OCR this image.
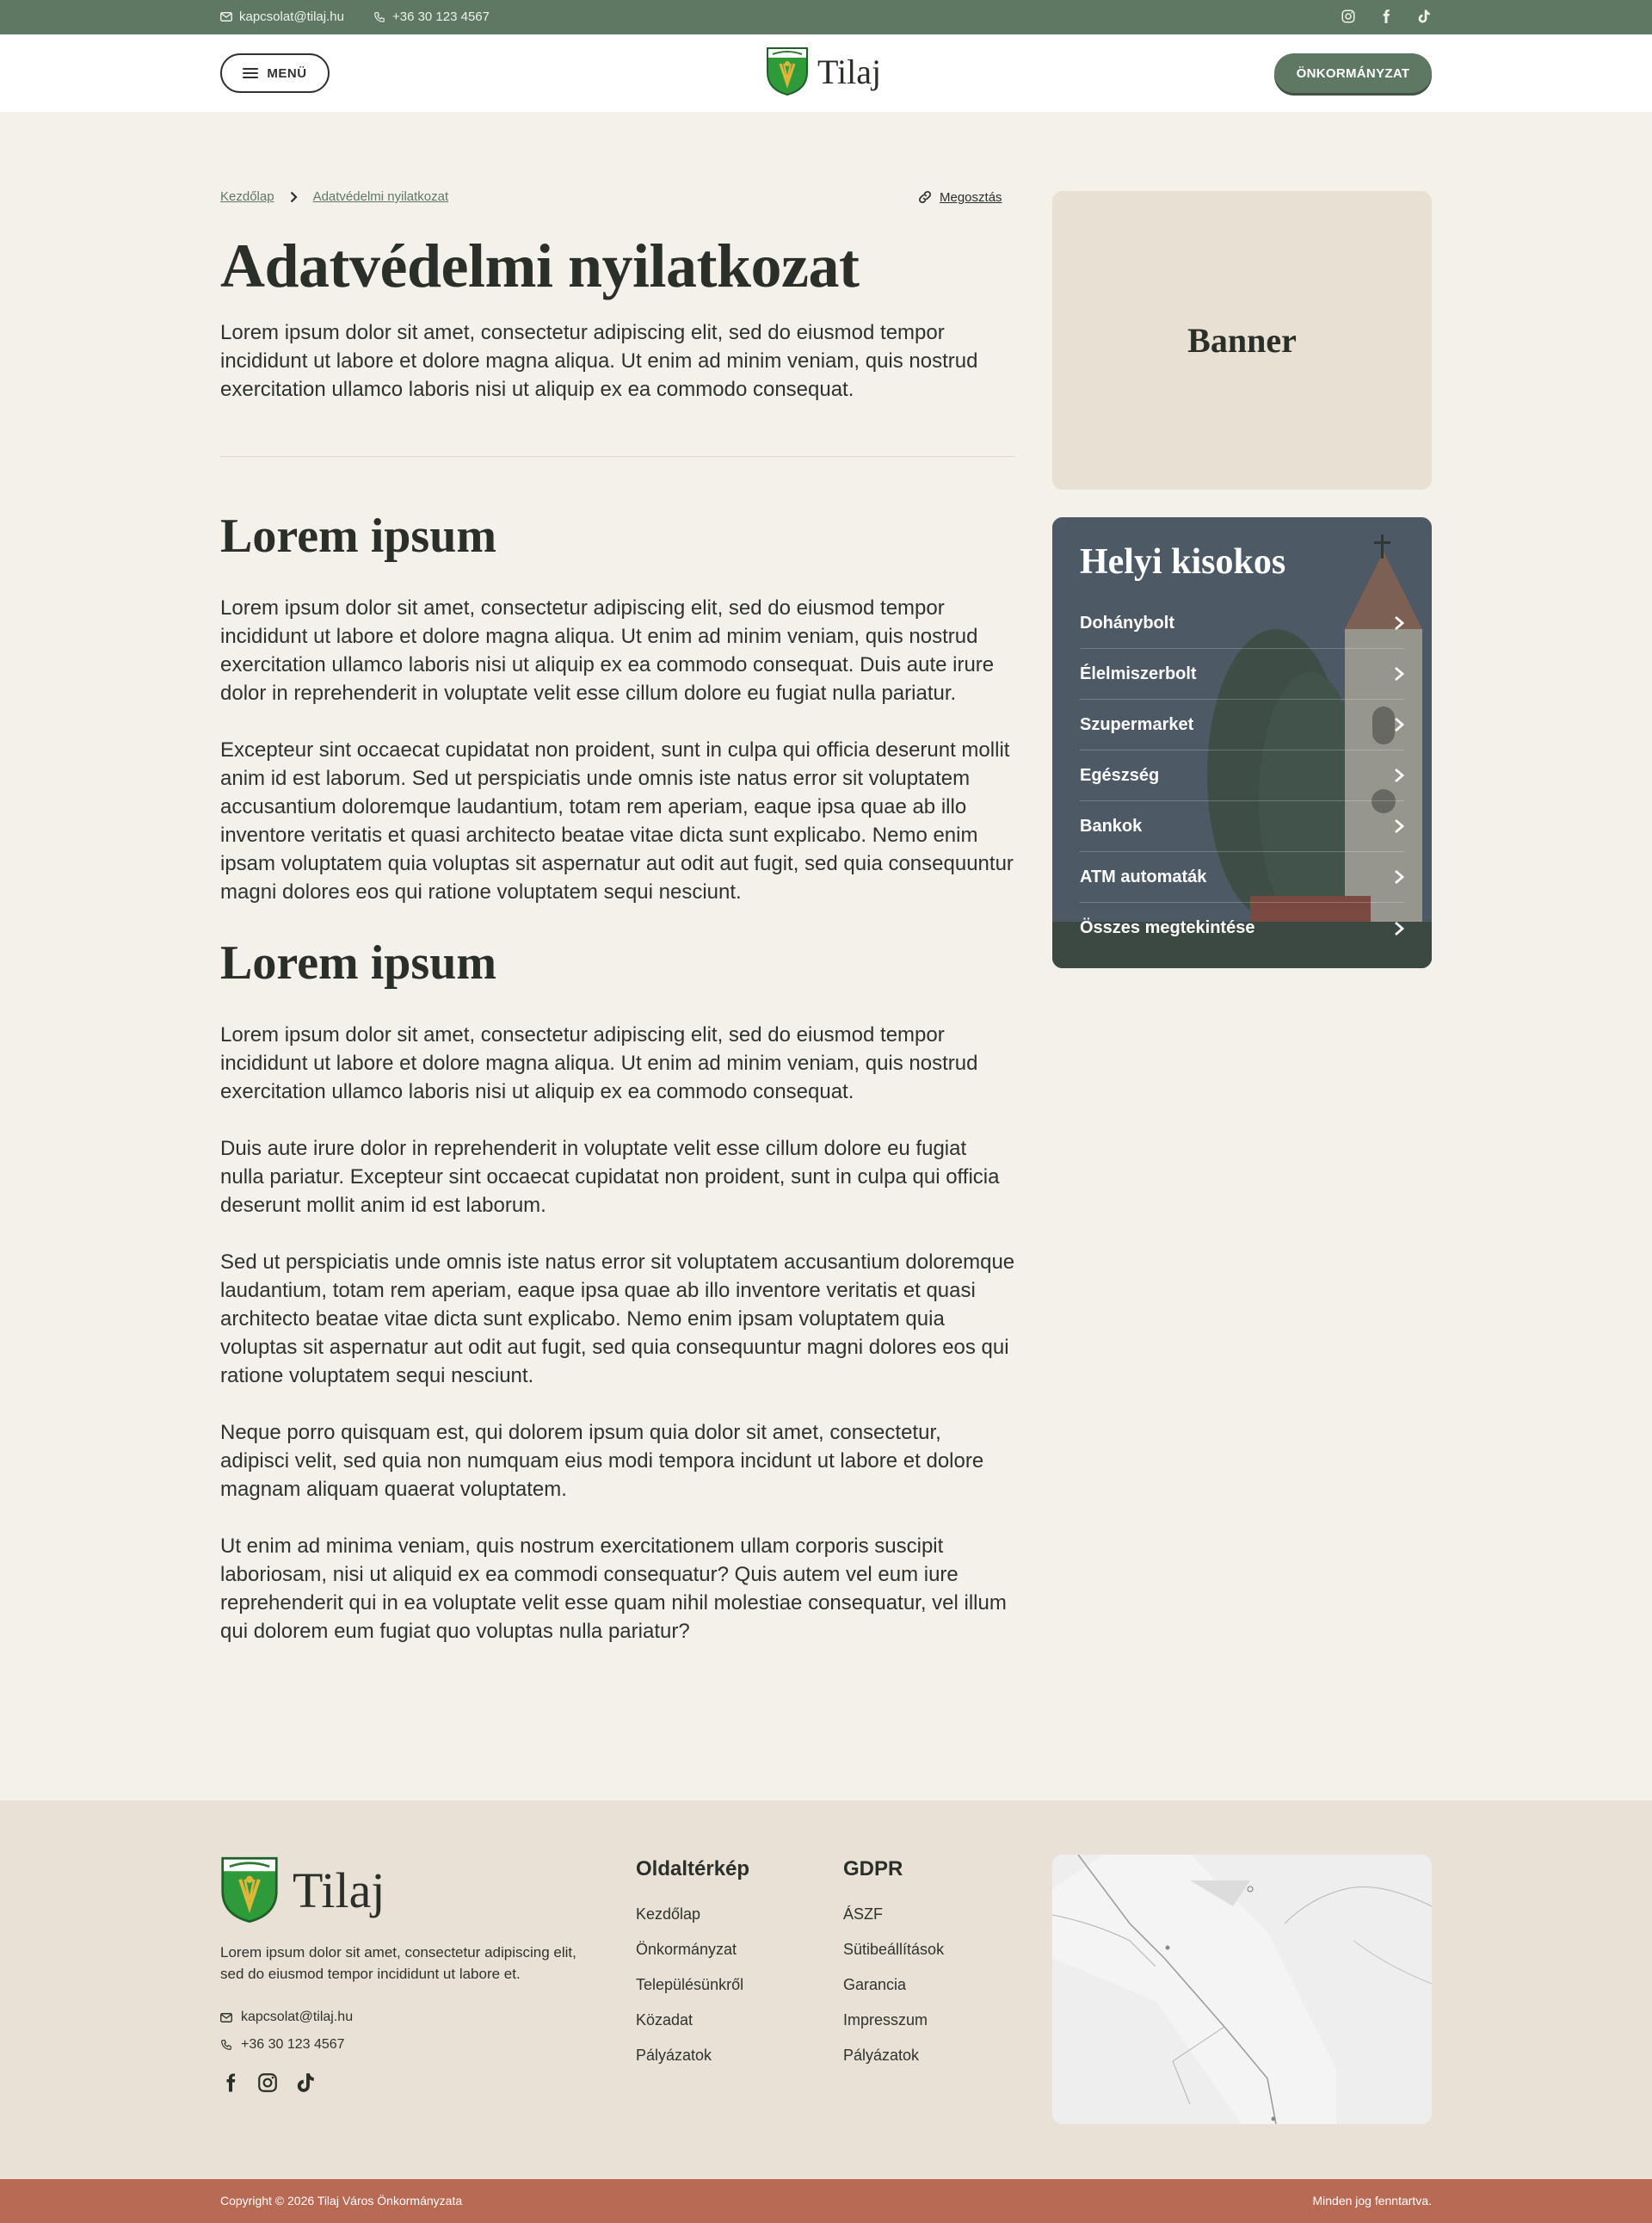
kapcsolat@tilaj.hu	+36 30 123 4567
MENÜ	Tilaj	ÖNKORMÁNYZAT
Kezdőlap	Adatvédelmi nyilatkozat	Megosztás
Adatvédelmi nyilatkozat

Lorem ipsum dolor sit amet, consectetur adipiscing elit, sed do eiusmod tempor incididunt ut labore et dolore magna aliqua. Ut enim ad minim veniam, quis nostrud exercitation ullamco laboris nisi ut aliquip ex ea commodo consequat.

Lorem ipsum

Lorem ipsum dolor sit amet, consectetur adipiscing elit, sed do eiusmod tempor incididunt ut labore et dolore magna aliqua. Ut enim ad minim veniam, quis nostrud exercitation ullamco laboris nisi ut aliquip ex ea commodo consequat. Duis aute irure dolor in reprehenderit in voluptate velit esse cillum dolore eu fugiat nulla pariatur.

Excepteur sint occaecat cupidatat non proident, sunt in culpa qui officia deserunt mollit anim id est laborum. Sed ut perspiciatis unde omnis iste natus error sit voluptatem accusantium doloremque laudantium, totam rem aperiam, eaque ipsa quae ab illo inventore veritatis et quasi architecto beatae vitae dicta sunt explicabo. Nemo enim ipsam voluptatem quia voluptas sit aspernatur aut odit aut fugit, sed quia consequuntur magni dolores eos qui ratione voluptatem sequi nesciunt.

Lorem ipsum

Lorem ipsum dolor sit amet, consectetur adipiscing elit, sed do eiusmod tempor incididunt ut labore et dolore magna aliqua. Ut enim ad minim veniam, quis nostrud exercitation ullamco laboris nisi ut aliquip ex ea commodo consequat.

Duis aute irure dolor in reprehenderit in voluptate velit esse cillum dolore eu fugiat nulla pariatur. Excepteur sint occaecat cupidatat non proident, sunt in culpa qui officia deserunt mollit anim id est laborum.

Sed ut perspiciatis unde omnis iste natus error sit voluptatem accusantium doloremque laudantium, totam rem aperiam, eaque ipsa quae ab illo inventore veritatis et quasi architecto beatae vitae dicta sunt explicabo. Nemo enim ipsam voluptatem quia voluptas sit aspernatur aut odit aut fugit, sed quia consequuntur magni dolores eos qui ratione voluptatem sequi nesciunt.

Neque porro quisquam est, qui dolorem ipsum quia dolor sit amet, consectetur, adipisci velit, sed quia non numquam eius modi tempora incidunt ut labore et dolore magnam aliquam quaerat voluptatem.

Ut enim ad minima veniam, quis nostrum exercitationem ullam corporis suscipit laboriosam, nisi ut aliquid ex ea commodi consequatur? Quis autem vel eum iure reprehenderit qui in ea voluptate velit esse quam nihil molestiae consequatur, vel illum qui dolorem eum fugiat quo voluptas nulla pariatur?

Banner
Helyi kisokos
Dohánybolt
Élelmiszerbolt
Szupermarket
Egészség
Bankok
ATM automaták
Összes megtekintése
Tilaj

Lorem ipsum dolor sit amet, consectetur adipiscing elit, sed do eiusmod tempor incididunt ut labore et.

kapcsolat@tilaj.hu
+36 30 123 4567
Oldaltérkép
Kezdőlap
Önkormányzat
Településünkről
Közadat
Pályázatok
GDPR
ÁSZF
Sütibeállítások
Garancia
Impresszum
Pályázatok
Copyright © 2026 Tilaj Város Önkormányzata	Minden jog fenntartva.
